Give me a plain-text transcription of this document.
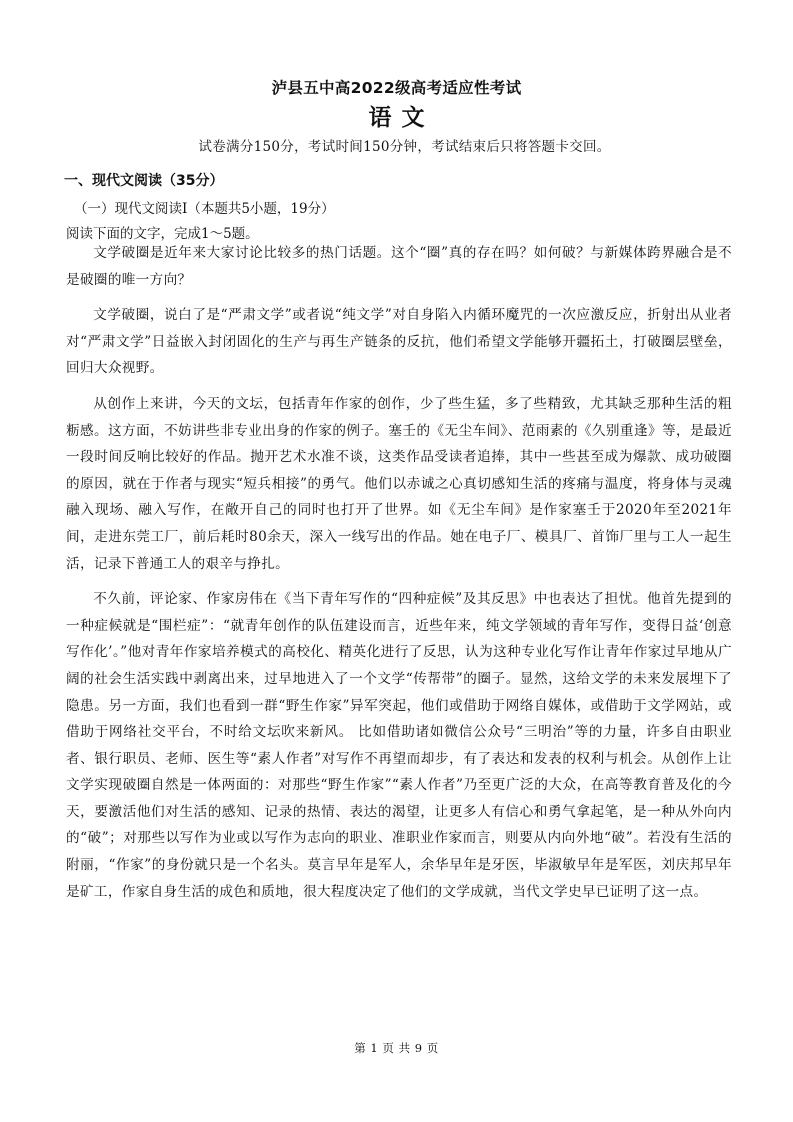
泸县五中高2022级高考适应性考试
语文
试卷满分150分，考试时间150分钟，考试结束后只将答题卡交回。
一、现代文阅读（35分）
（一）现代文阅读Ⅰ（本题共5小题，19分）
阅读下面的文字，完成1～5题。

文学破圈是近年来大家讨论比较多的热门话题。这个“圈”真的存在吗？如何破？与新媒体跨界融合是不是破圈的唯一方向？

文学破圈，说白了是“严肃文学”或者说“纯文学”对自身陷入内循环魔咒的一次应激反应，折射出从业者对“严肃文学”日益嵌入封闭固化的生产与再生产链条的反抗，他们希望文学能够开疆拓土，打破圈层壁垒，回归大众视野。

从创作上来讲，今天的文坛，包括青年作家的创作，少了些生猛，多了些精致，尤其缺乏那种生活的粗粝感。这方面，不妨讲些非专业出身的作家的例子。塞壬的《无尘车间》、范雨素的《久别重逢》等，是最近一段时间反响比较好的作品。抛开艺术水准不谈，这类作品受读者追捧，其中一些甚至成为爆款、成功破圈的原因，就在于作者与现实“短兵相接”的勇气。他们以赤诚之心真切感知生活的疼痛与温度，将身体与灵魂融入现场、融入写作，在敞开自己的同时也打开了世界。如《无尘车间》是作家塞壬于2020年至2021年间，走进东莞工厂，前后耗时80余天，深入一线写出的作品。她在电子厂、模具厂、首饰厂里与工人一起生活，记录下普通工人的艰辛与挣扎。

不久前，评论家、作家房伟在《当下青年写作的“四种症候”及其反思》中也表达了担忧。他首先提到的一种症候就是“围栏症”：“就青年创作的队伍建设而言，近些年来，纯文学领域的青年写作，变得日益‘创意写作化’。”他对青年作家培养模式的高校化、精英化进行了反思，认为这种专业化写作让青年作家过早地从广阔的社会生活实践中剥离出来，过早地进入了一个文学“传帮带”的圈子。显然，这给文学的未来发展埋下了隐患。另一方面，我们也看到一群“野生作家”异军突起，他们或借助于网络自媒体，或借助于文学网站，或借助于网络社交平台，不时给文坛吹来新风。 比如借助诸如微信公众号“三明治”等的力量，许多自由职业者、银行职员、老师、医生等“素人作者”对写作不再望而却步，有了表达和发表的权利与机会。从创作上让文学实现破圈自然是一体两面的：对那些“野生作家”“素人作者”乃至更广泛的大众，在高等教育普及化的今天，要激活他们对生活的感知、记录的热情、表达的渴望，让更多人有信心和勇气拿起笔，是一种从外向内的“破”；对那些以写作为业或以写作为志向的职业、准职业作家而言，则要从内向外地“破”。若没有生活的附丽，“作家”的身份就只是一个名头。莫言早年是军人，余华早年是牙医，毕淑敏早年是军医，刘庆邦早年是矿工，作家自身生活的成色和质地，很大程度决定了他们的文学成就，当代文学史早已证明了这一点。

第 1 页 共 9 页
